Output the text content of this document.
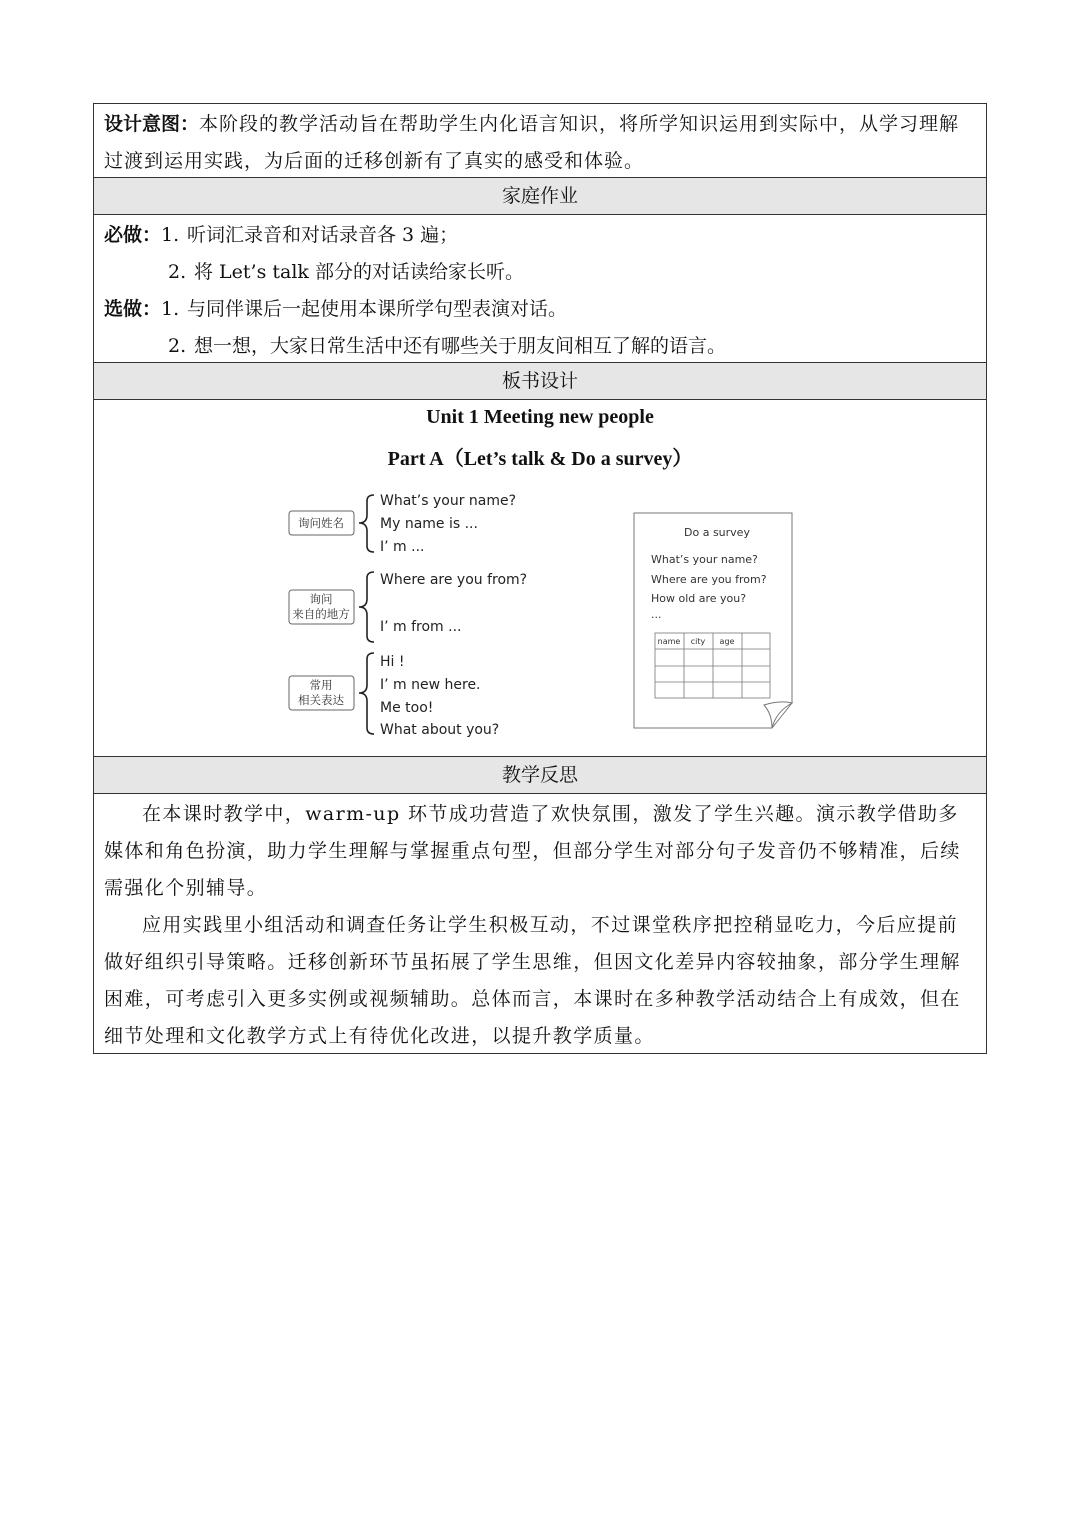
设计意图：本阶段的教学活动旨在帮助学生内化语言知识，将所学知识运用到实际中，从学习理解过渡到运用实践，为后面的迁移创新有了真实的感受和体验。
家庭作业
必做：1. 听词汇录音和对话录音各 3 遍；
2. 将 Let’s talk 部分的对话读给家长听。
选做：1. 与同伴课后一起使用本课所学句型表演对话。
2. 想一想，大家日常生活中还有哪些关于朋友间相互了解的语言。
板书设计
Unit 1 Meeting new people
Part A（Let’s talk & Do a survey）
询问姓名
What’s your name?
My name is ...
I’ m ...
询问
来自的地方
Where are you from?
I’ m from ...
常用
相关表达
Hi !
I’ m new here.
Me too!
What about you?
Do a survey
What’s your name?
Where are you from?
How old are you?
...
name city age
教学反思

在本课时教学中，warm-up 环节成功营造了欢快氛围，激发了学生兴趣。演示教学借助多媒体和角色扮演，助力学生理解与掌握重点句型，但部分学生对部分句子发音仍不够精准，后续需强化个别辅导。

应用实践里小组活动和调查任务让学生积极互动，不过课堂秩序把控稍显吃力，今后应提前做好组织引导策略。迁移创新环节虽拓展了学生思维，但因文化差异内容较抽象，部分学生理解困难，可考虑引入更多实例或视频辅助。总体而言，本课时在多种教学活动结合上有成效，但在细节处理和文化教学方式上有待优化改进，以提升教学质量。
